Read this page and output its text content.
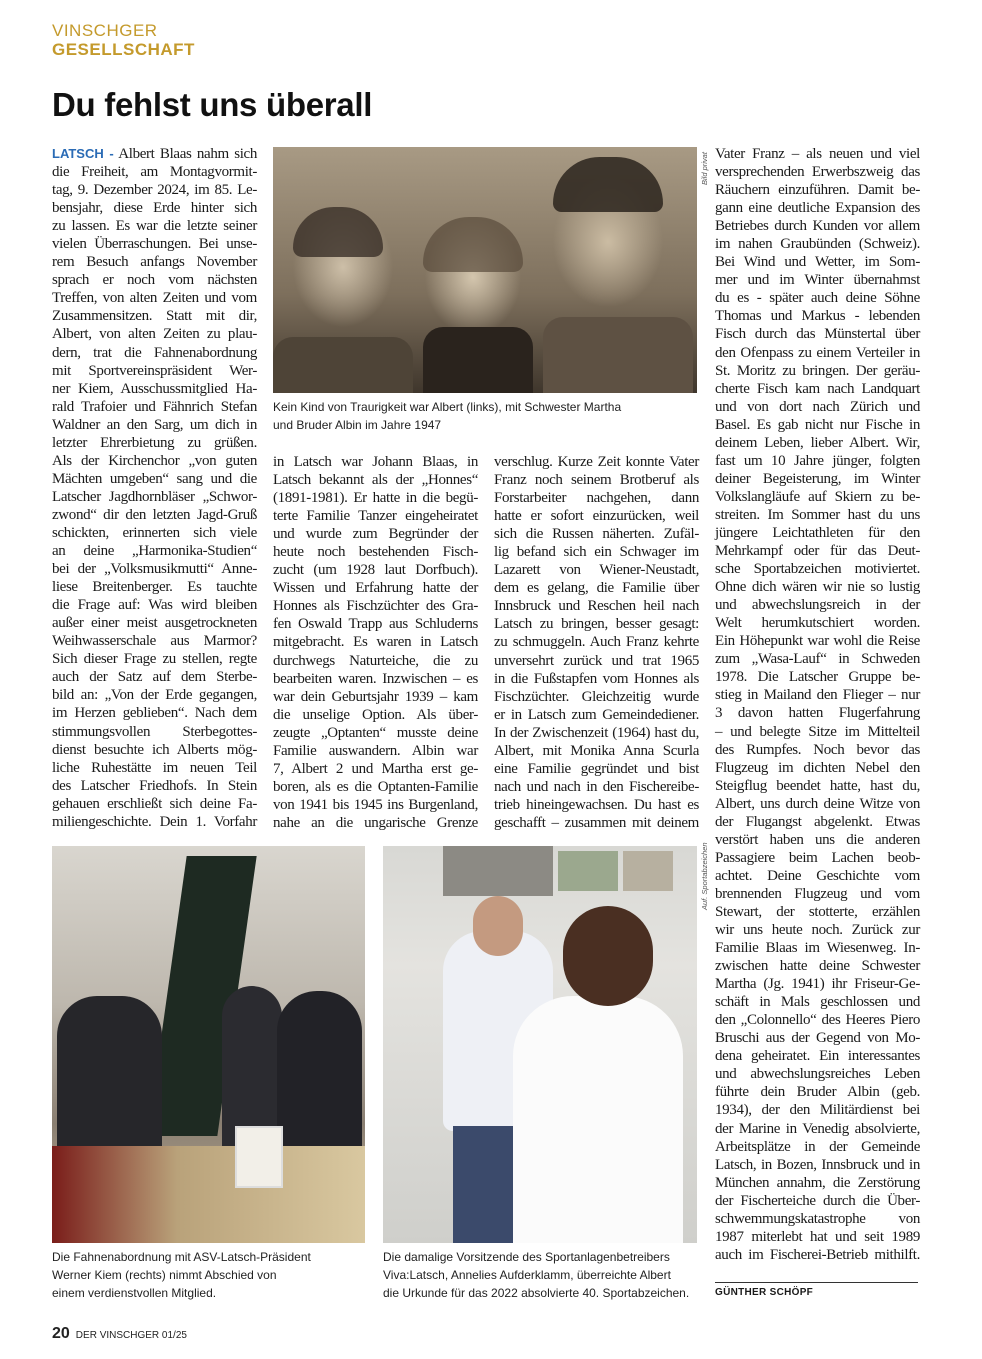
VINSCHGER
GESELLSCHAFT
Du fehlst uns überall
LATSCH - Albert Blaas nahm sich
die Freiheit, am Montagvormit-
tag, 9. Dezember 2024, im 85. Le-
bensjahr, diese Erde hinter sich
zu lassen. Es war die letzte seiner
vielen Überraschungen. Bei unse-
rem Besuch anfangs November
sprach er noch vom nächsten
Treffen, von alten Zeiten und vom
Zusammensitzen. Statt mit dir,
Albert, von alten Zeiten zu plau-
dern, trat die Fahnenabordnung
mit Sportvereinspräsident Wer-
ner Kiem, Ausschussmitglied Ha-
rald Trafoier und Fähnrich Stefan
Waldner an den Sarg, um dich in
letzter Ehrerbietung zu grüßen.
Als der Kirchenchor „von guten
Mächten umgeben“ sang und die
Latscher Jagdhornbläser „Schwor-
zwond“ dir den letzten Jagd-Gruß
schickten, erinnerten sich viele
an deine „Harmonika-Studien“
bei der „Volksmusikmutti“ Anne-
liese Breitenberger. Es tauchte
die Frage auf: Was wird bleiben
außer einer meist ausgetrockneten
Weihwasserschale aus Marmor?
Sich dieser Frage zu stellen, regte
auch der Satz auf dem Sterbe-
bild an: „Von der Erde gegangen,
im Herzen geblieben“. Nach dem
stimmungsvollen Sterbegottes-
dienst besuchte ich Alberts mög-
liche Ruhestätte im neuen Teil
des Latscher Friedhofs. In Stein
gehauen erschließt sich deine Fa-
miliengeschichte. Dein 1. Vorfahr
in Latsch war Johann Blaas, in
Latsch bekannt als der „Honnes“
(1891-1981). Er hatte in die begü-
terte Familie Tanzer eingeheiratet
und wurde zum Begründer der
heute noch bestehenden Fisch-
zucht (um 1928 laut Dorfbuch).
Wissen und Erfahrung hatte der
Honnes als Fischzüchter des Gra-
fen Oswald Trapp aus Schluderns
mitgebracht. Es waren in Latsch
durchwegs Naturteiche, die zu
bearbeiten waren. Inzwischen – es
war dein Geburtsjahr 1939 – kam
die unselige Option. Als über-
zeugte „Optanten“ musste deine
Familie auswandern. Albin war
7, Albert 2 und Martha erst ge-
boren, als es die Optanten-Familie
von 1941 bis 1945 ins Burgenland,
nahe an die ungarische Grenze
verschlug. Kurze Zeit konnte Vater
Franz noch seinem Brotberuf als
Forstarbeiter nachgehen, dann
hatte er sofort einzurücken, weil
sich die Russen näherten. Zufäl-
lig befand sich ein Schwager im
Lazarett von Wiener-Neustadt,
dem es gelang, die Familie über
Innsbruck und Reschen heil nach
Latsch zu bringen, besser gesagt:
zu schmuggeln. Auch Franz kehrte
unversehrt zurück und trat 1965
in die Fußstapfen vom Honnes als
Fischzüchter. Gleichzeitig wurde
er in Latsch zum Gemeindediener.
In der Zwischenzeit (1964) hast du,
Albert, mit Monika Anna Scurla
eine Familie gegründet und bist
nach und nach in den Fischereibe-
trieb hineingewachsen. Du hast es
geschafft – zusammen mit deinem
Vater Franz – als neuen und viel
versprechenden Erwerbszweig das
Räuchern einzuführen. Damit be-
gann eine deutliche Expansion des
Betriebes durch Kunden vor allem
im nahen Graubünden (Schweiz).
Bei Wind und Wetter, im Som-
mer und im Winter übernahmst
du es - später auch deine Söhne
Thomas und Markus - lebenden
Fisch durch das Münstertal über
den Ofenpass zu einem Verteiler in
St. Moritz zu bringen. Der geräu-
cherte Fisch kam nach Landquart
und von dort nach Zürich und
Basel. Es gab nicht nur Fische in
deinem Leben, lieber Albert. Wir,
fast um 10 Jahre jünger, folgten
deiner Begeisterung, im Winter
Volkslangläufe auf Skiern zu be-
streiten. Im Sommer hast du uns
jüngere Leichtathleten für den
Mehrkampf oder für das Deut-
sche Sportabzeichen motiviertet.
Ohne dich wären wir nie so lustig
und abwechslungsreich in der
Welt herumkutschiert worden.
Ein Höhepunkt war wohl die Reise
zum „Wasa-Lauf“ in Schweden
1978. Die Latscher Gruppe be-
stieg in Mailand den Flieger – nur
3 davon hatten Flugerfahrung
– und belegte Sitze im Mittelteil
des Rumpfes. Noch bevor das
Flugzeug im dichten Nebel den
Steigflug beendet hatte, hast du,
Albert, uns durch deine Witze von
der Flugangst abgelenkt. Etwas
verstört haben uns die anderen
Passagiere beim Lachen beob-
achtet. Deine Geschichte vom
brennenden Flugzeug und vom
Stewart, der stotterte, erzählen
wir uns heute noch. Zurück zur
Familie Blaas im Wiesenweg. In-
zwischen hatte deine Schwester
Martha (Jg. 1941) ihr Friseur-Ge-
schäft in Mals geschlossen und
den „Colonnello“ des Heeres Piero
Bruschi aus der Gegend von Mo-
dena geheiratet. Ein interessantes
und abwechslungsreiches Leben
führte dein Bruder Albin (geb.
1934), der den Militärdienst bei
der Marine in Venedig absolvierte,
Arbeitsplätze in der Gemeinde
Latsch, in Bozen, Innsbruck und in
München annahm, die Zerstörung
der Fischerteiche durch die Über-
schwemmungskatastrophe von
1987 miterlebt hat und seit 1989
auch im Fischerei-Betrieb mithilft.
Bild privat
Kein Kind von Traurigkeit war Albert (links), mit Schwester Martha
und Bruder Albin im Jahre 1947
Die Fahnenabordnung mit ASV-Latsch-Präsident
Werner Kiem (rechts) nimmt Abschied von
einem verdienstvollen Mitglied.
Auf. Sportabzeichen
Die damalige Vorsitzende des Sportanlagenbetreibers
Viva:Latsch, Annelies Aufderklamm, überreichte Albert
die Urkunde für das 2022 absolvierte 40. Sportabzeichen.	GÜNTHER SCHÖPF
20 DER VINSCHGER 01/25
